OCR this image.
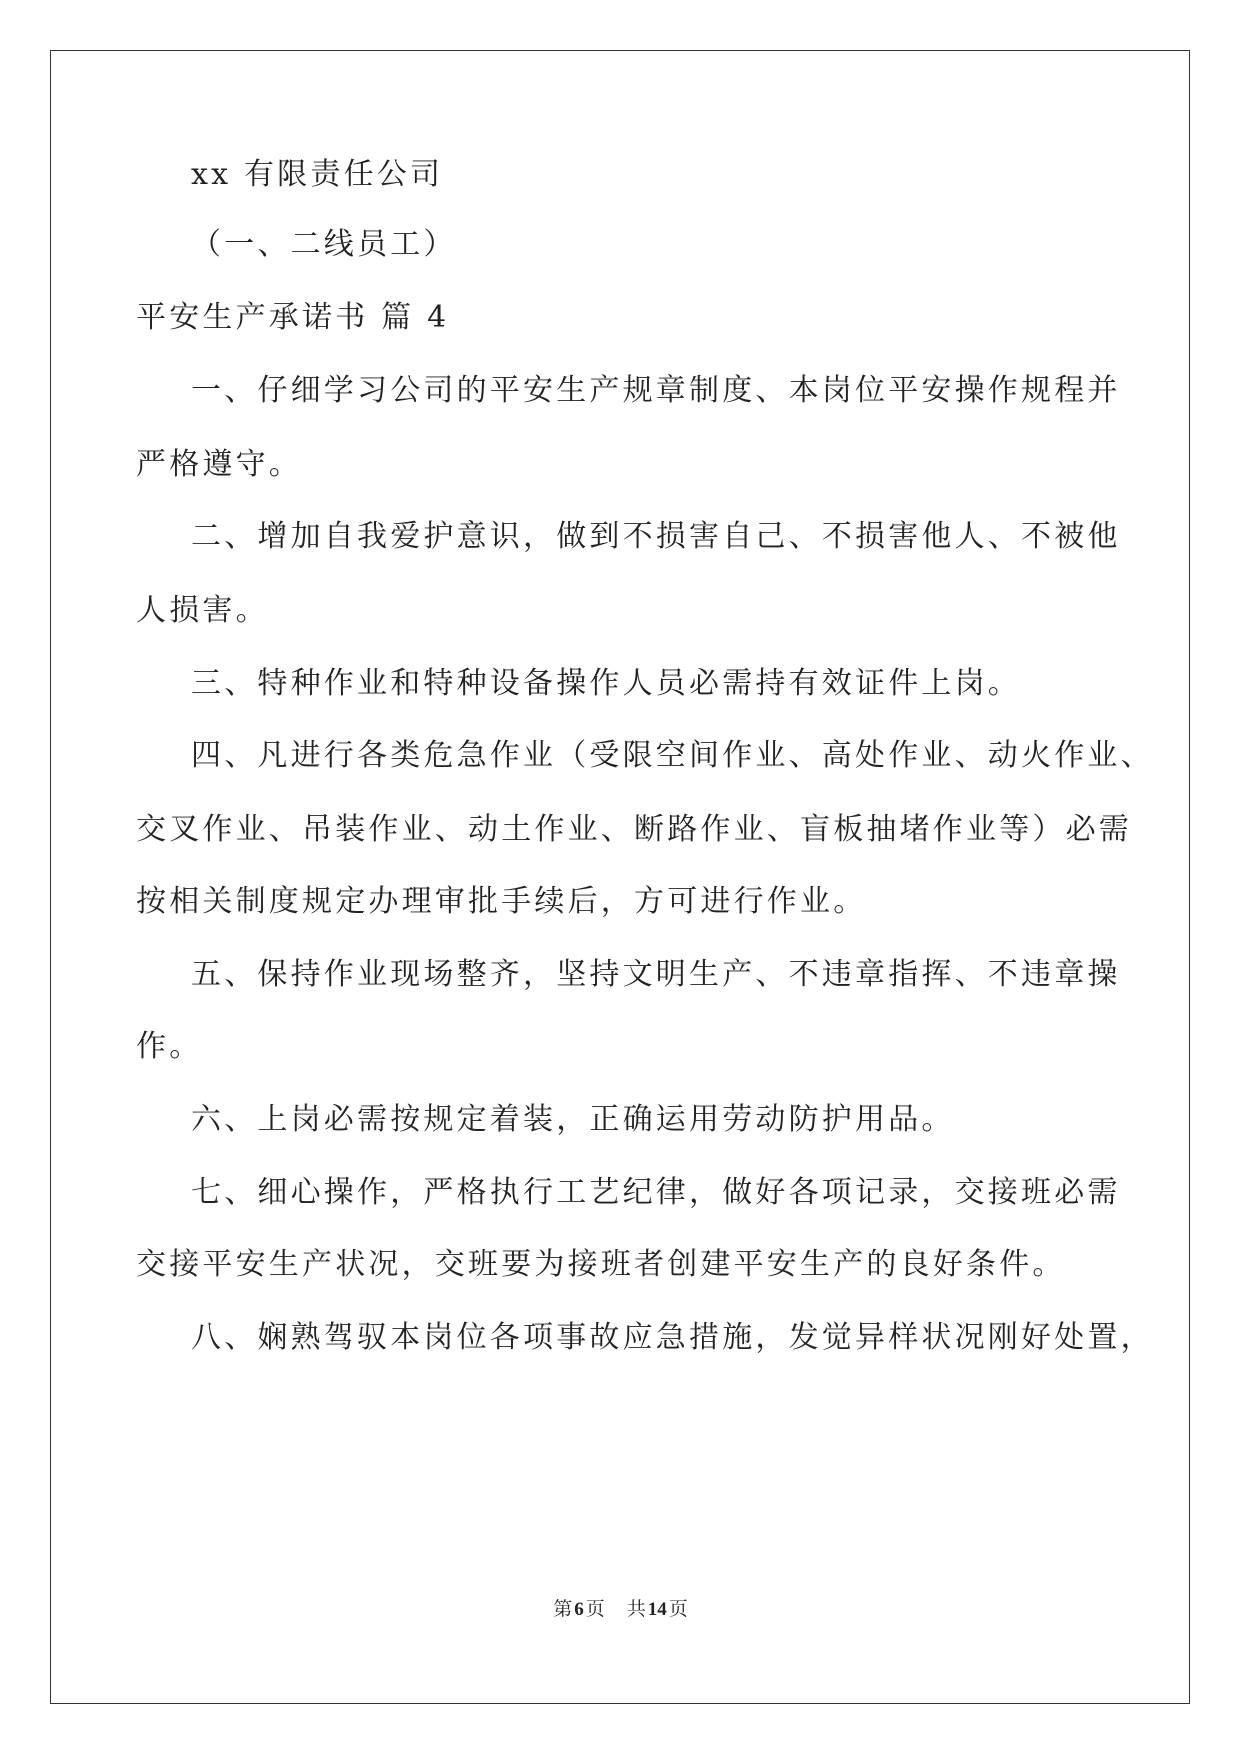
xx 有限责任公司
（一、二线员工）
平安生产承诺书 篇 4
一、仔细学习公司的平安生产规章制度、本岗位平安操作规程并
严格遵守。
二、增加自我爱护意识，做到不损害自己、不损害他人、不被他
人损害。
三、特种作业和特种设备操作人员必需持有效证件上岗。
四、凡进行各类危急作业（受限空间作业、高处作业、动火作业、
交叉作业、吊装作业、动土作业、断路作业、盲板抽堵作业等）必需
按相关制度规定办理审批手续后，方可进行作业。
五、保持作业现场整齐，坚持文明生产、不违章指挥、不违章操
作。
六、上岗必需按规定着装，正确运用劳动防护用品。
七、细心操作，严格执行工艺纪律，做好各项记录，交接班必需
交接平安生产状况，交班要为接班者创建平安生产的良好条件。
八、娴熟驾驭本岗位各项事故应急措施，发觉异样状况刚好处置，
第 6 页 共 14 页
